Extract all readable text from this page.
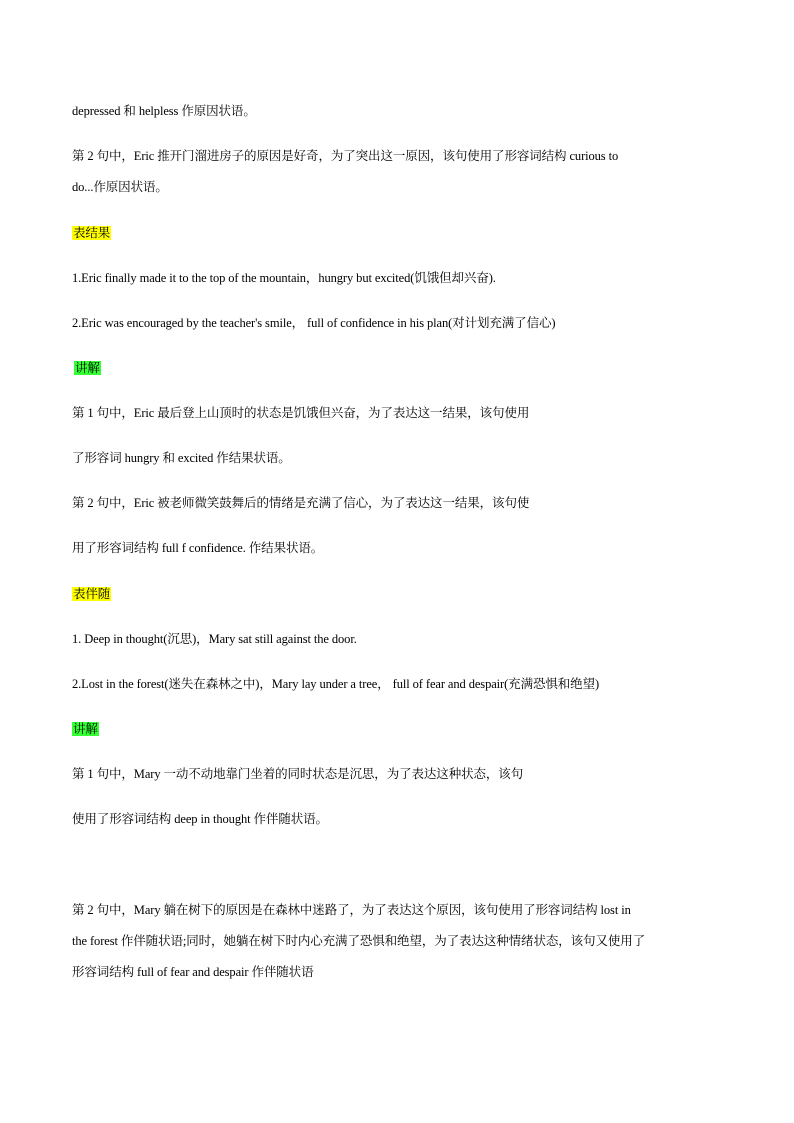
depressed 和 helpless 作原因状语。
第 2 句中，Eric 推开门溜进房子的原因是好奇，为了突出这一原因，该句使用了形容词结构 curious to
do...作原因状语。
表结果
1.Eric finally made it to the top of the mountain，hungry but excited(饥饿但却兴奋).
2.Eric was encouraged by the teacher's smile， full of confidence in his plan(对计划充满了信心)
讲解
第 1 句中，Eric 最后登上山顶时的状态是饥饿但兴奋，为了表达这一结果，该句使用
了形容词 hungry 和 excited 作结果状语。
第 2 句中，Eric 被老师微笑鼓舞后的情绪是充满了信心，为了表达这一结果，该句使
用了形容词结构 full f confidence. 作结果状语。
表伴随
1. Deep in thought(沉思)，Mary sat still against the door.
2.Lost in the forest(迷失在森林之中)，Mary lay under a tree， full of fear and despair(充满恐惧和绝望)
讲解
第 1 句中，Mary 一动不动地靠门坐着的同时状态是沉思，为了表达这种状态，该句
使用了形容词结构 deep in thought 作伴随状语。
第 2 句中，Mary 躺在树下的原因是在森林中迷路了，为了表达这个原因，该句使用了形容词结构 lost in
the forest 作伴随状语;同时，她躺在树下时内心充满了恐惧和绝望，为了表达这种情绪状态，该句又使用了
形容词结构 full of fear and despair 作伴随状语
